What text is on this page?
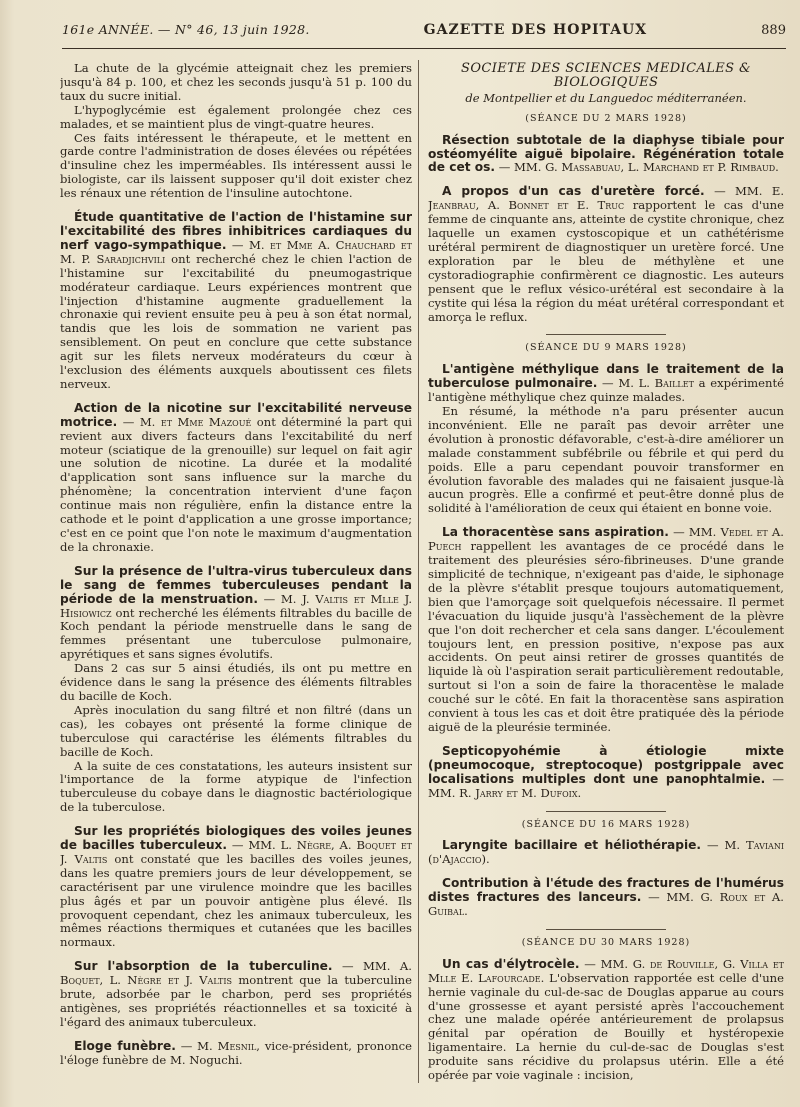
161e ANNÉE. — N° 46, 13 juin 1928.	GAZETTE DES HOPITAUX	889

La chute de la glycémie atteignait chez les premiers jusqu'à 84 p. 100, et chez les seconds jusqu'à 51 p. 100 du taux du sucre initial.

L'hypoglycémie est également prolongée chez ces malades, et se maintient plus de vingt-quatre heures.

Ces faits intéressent le thérapeute, et le mettent en garde contre l'administration de doses élevées ou répétées d'insuline chez les imperméables. Ils intéressent aussi le biologiste, car ils laissent supposer qu'il doit exister chez les rénaux une rétention de l'insuline autochtone.

Étude quantitative de l'action de l'histamine sur l'excitabilité des fibres inhibitrices cardiaques du nerf vago-sympathique. — M. et Mme A. Chauchard et M. P. Saradjichvili ont recherché chez le chien l'action de l'histamine sur l'excitabilité du pneumogastrique modérateur cardiaque. Leurs expériences montrent que l'injection d'histamine augmente graduellement la chronaxie qui revient ensuite peu à peu à son état normal, tandis que les lois de sommation ne varient pas sensiblement. On peut en conclure que cette substance agit sur les filets nerveux modérateurs du cœur à l'exclusion des éléments auxquels aboutissent ces filets nerveux.

Action de la nicotine sur l'excitabilité nerveuse motrice. — M. et Mme Mazoué ont déterminé la part qui revient aux divers facteurs dans l'excitabilité du nerf moteur (sciatique de la grenouille) sur lequel on fait agir une solution de nicotine. La durée et la modalité d'application sont sans influence sur la marche du phénomène; la concentration intervient d'une façon continue mais non régulière, enfin la distance entre la cathode et le point d'application a une grosse importance; c'est en ce point que l'on note le maximum d'augmentation de la chronaxie.

Sur la présence de l'ultra-virus tuberculeux dans le sang de femmes tuberculeuses pendant la période de la menstruation. — M. J. Valtis et Mlle J. Hisiowicz ont recherché les éléments filtrables du bacille de Koch pendant la période menstruelle dans le sang de femmes présentant une tuberculose pulmonaire, apyrétiques et sans signes évolutifs.

Dans 2 cas sur 5 ainsi étudiés, ils ont pu mettre en évidence dans le sang la présence des éléments filtrables du bacille de Koch.

Après inoculation du sang filtré et non filtré (dans un cas), les cobayes ont présenté la forme clinique de tuberculose qui caractérise les éléments filtrables du bacille de Koch.

A la suite de ces constatations, les auteurs insistent sur l'importance de la forme atypique de l'infection tuberculeuse du cobaye dans le diagnostic bactériologique de la tuberculose.

Sur les propriétés biologiques des voiles jeunes de bacilles tuberculeux. — MM. L. Nègre, A. Boquet et J. Valtis ont constaté que les bacilles des voiles jeunes, dans les quatre premiers jours de leur développement, se caractérisent par une virulence moindre que les bacilles plus âgés et par un pouvoir antigène plus élevé. Ils provoquent cependant, chez les animaux tuberculeux, les mêmes réactions thermiques et cutanées que les bacilles normaux.

Sur l'absorption de la tuberculine. — MM. A. Boquet, L. Nègre et J. Valtis montrent que la tuberculine brute, adsorbée par le charbon, perd ses propriétés antigènes, ses propriétés réactionnelles et sa toxicité à l'égard des animaux tuberculeux.

Eloge funèbre. — M. Mesnil, vice-président, prononce l'éloge funèbre de M. Noguchi.

SOCIÉTÉ DES SCIENCES MÉDICALES & BIOLOGIQUES
de Montpellier et du Languedoc méditerranéen.
(SÉANCE DU 2 MARS 1928)

Résection subtotale de la diaphyse tibiale pour ostéomyélite aiguë bipolaire. Régénération totale de cet os. — MM. G. Massabuau, L. Marchand et P. Rimbaud.

A propos d'un cas d'uretère forcé. — MM. E. Jeanbrau, A. Bonnet et E. Truc rapportent le cas d'une femme de cinquante ans, atteinte de cystite chronique, chez laquelle un examen cystoscopique et un cathétérisme urétéral permirent de diagnostiquer un uretère forcé. Une exploration par le bleu de méthylène et une cystoradiographie confirmèrent ce diagnostic. Les auteurs pensent que le reflux vésico-urétéral est secondaire à la cystite qui lésa la région du méat urétéral correspondant et amorça le reflux.

(SÉANCE DU 9 MARS 1928)

L'antigène méthylique dans le traitement de la tuberculose pulmonaire. — M. L. Baillet a expérimenté l'antigène méthylique chez quinze malades.

En résumé, la méthode n'a paru présenter aucun inconvénient. Elle ne paraît pas devoir arrêter une évolution à pronostic défavorable, c'est-à-dire améliorer un malade constamment subfébrile ou fébrile et qui perd du poids. Elle a paru cependant pouvoir transformer en évolution favorable des malades qui ne faisaient jusque-là aucun progrès. Elle a confirmé et peut-être donné plus de solidité à l'amélioration de ceux qui étaient en bonne voie.

La thoracentèse sans aspiration. — MM. Vedel et A. Puech rappellent les avantages de ce procédé dans le traitement des pleurésies séro-fibrineuses. D'une grande simplicité de technique, n'exigeant pas d'aide, le siphonage de la plèvre s'établit presque toujours automatiquement, bien que l'amorçage soit quelquefois nécessaire. Il permet l'évacuation du liquide jusqu'à l'assèchement de la plèvre que l'on doit rechercher et cela sans danger. L'écoulement toujours lent, en pression positive, n'expose pas aux accidents. On peut ainsi retirer de grosses quantités de liquide là où l'aspiration serait particulièrement redoutable, surtout si l'on a soin de faire la thoracentèse le malade couché sur le côté. En fait la thoracentèse sans aspiration convient à tous les cas et doit être pratiquée dès la période aiguë de la pleurésie terminée.

Septicopyohémie à étiologie mixte (pneumocoque, streptocoque) postgrippale avec localisations multiples dont une panophtalmie. — MM. R. Jarry et M. Dufoix.

(SÉANCE DU 16 MARS 1928)

Laryngite bacillaire et héliothérapie. — M. Taviani (d'Ajaccio).

Contribution à l'étude des fractures de l'humérus distes fractures des lanceurs. — MM. G. Roux et A. Guibal.

(SÉANCE DU 30 MARS 1928)

Un cas d'élytrocèle. — MM. G. de Rouville, G. Villa et Mlle E. Lafourcade. L'observation rapportée est celle d'une hernie vaginale du cul-de-sac de Douglas apparue au cours d'une grossesse et ayant persisté après l'accouchement chez une malade opérée antérieurement de prolapsus génital par opération de Bouilly et hystéropexie ligamentaire. La hernie du cul-de-sac de Douglas s'est produite sans récidive du prolapsus utérin. Elle a été opérée par voie vaginale : incision,
